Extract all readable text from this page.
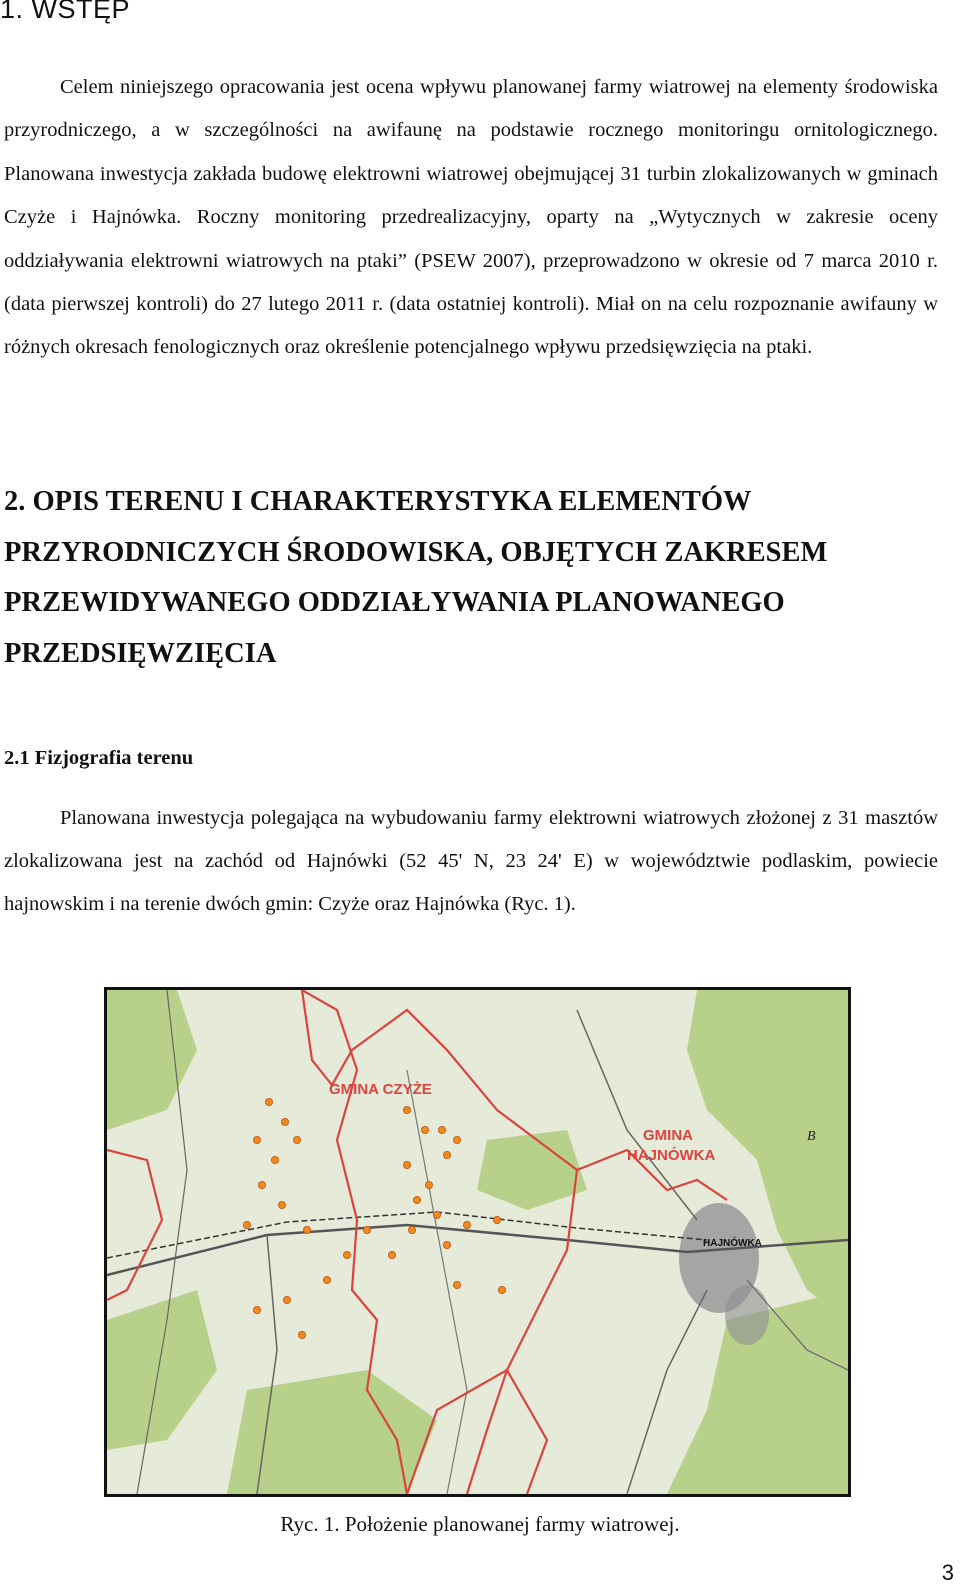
1. WSTĘP

Celem niniejszego opracowania jest ocena wpływu planowanej farmy wiatrowej na elementy środowiska przyrodniczego, a w szczególności na awifaunę na podstawie rocznego monitoringu ornitologicznego. Planowana inwestycja zakłada budowę elektrowni wiatrowej obejmującej 31 turbin zlokalizowanych w gminach Czyże i Hajnówka. Roczny monitoring przedrealizacyjny, oparty na „Wytycznych w zakresie oceny oddziaływania elektrowni wiatrowych na ptaki” (PSEW 2007), przeprowadzono w okresie od 7 marca 2010 r. (data pierwszej kontroli) do 27 lutego 2011 r. (data ostatniej kontroli). Miał on na celu rozpoznanie awifauny w różnych okresach fenologicznych oraz określenie potencjalnego wpływu przedsięwzięcia na ptaki.

2. OPIS TERENU I CHARAKTERYSTYKA ELEMENTÓW PRZYRODNICZYCH ŚRODOWISKA, OBJĘTYCH ZAKRESEM PRZEWIDYWANEGO ODDZIAŁYWANIA PLANOWANEGO PRZEDSIĘWZIĘCIA
2.1 Fizjografia terenu

Planowana inwestycja polegająca na wybudowaniu farmy elektrowni wiatrowych złożonej z 31 masztów zlokalizowana jest na zachód od Hajnówki (52 45' N, 23 24' E) w województwie podlaskim, powiecie hajnowskim i na terenie dwóch gmin: Czyże oraz Hajnówka (Ryc. 1).

GMINA CZYŻE
GMINA
HAJNÓWKA
HAJNÓWKA
B

Ryc. 1. Położenie planowanej farmy wiatrowej.

3
